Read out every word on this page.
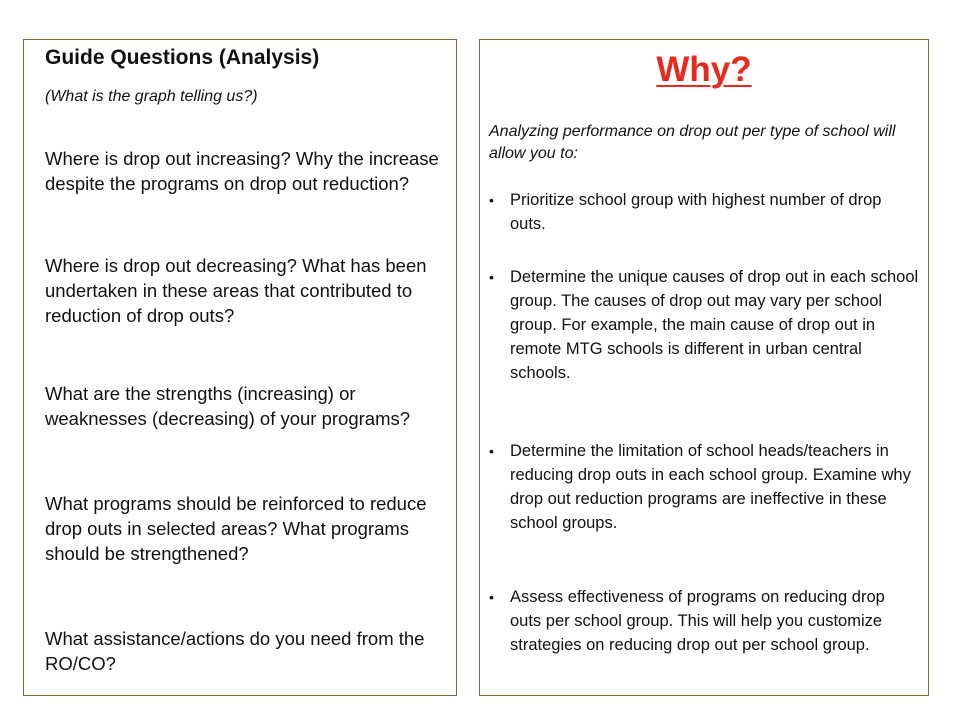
Guide Questions (Analysis)

(What is the graph telling us?)

Where is drop out increasing? Why the increase despite the programs on drop out reduction?

Where is drop out decreasing? What has been undertaken in these areas that contributed to reduction of drop outs?

What are the strengths (increasing) or weaknesses (decreasing) of your programs?

What programs should be reinforced to reduce drop outs in selected areas? What programs should be strengthened?

What assistance/actions do you need from the RO/CO?

Why?

Analyzing performance on drop out per type of school will allow you to:

• Prioritize school group with highest number of drop outs.
• Determine the unique causes of drop out in each school group. The causes of drop out may vary per school group. For example, the main cause of drop out in remote MTG schools is different in urban central schools.
• Determine the limitation of school heads/teachers in reducing drop outs in each school group. Examine why drop out reduction programs are ineffective in these school groups.
• Assess effectiveness of programs on reducing drop outs per school group. This will help you customize strategies on reducing drop out per school group.
